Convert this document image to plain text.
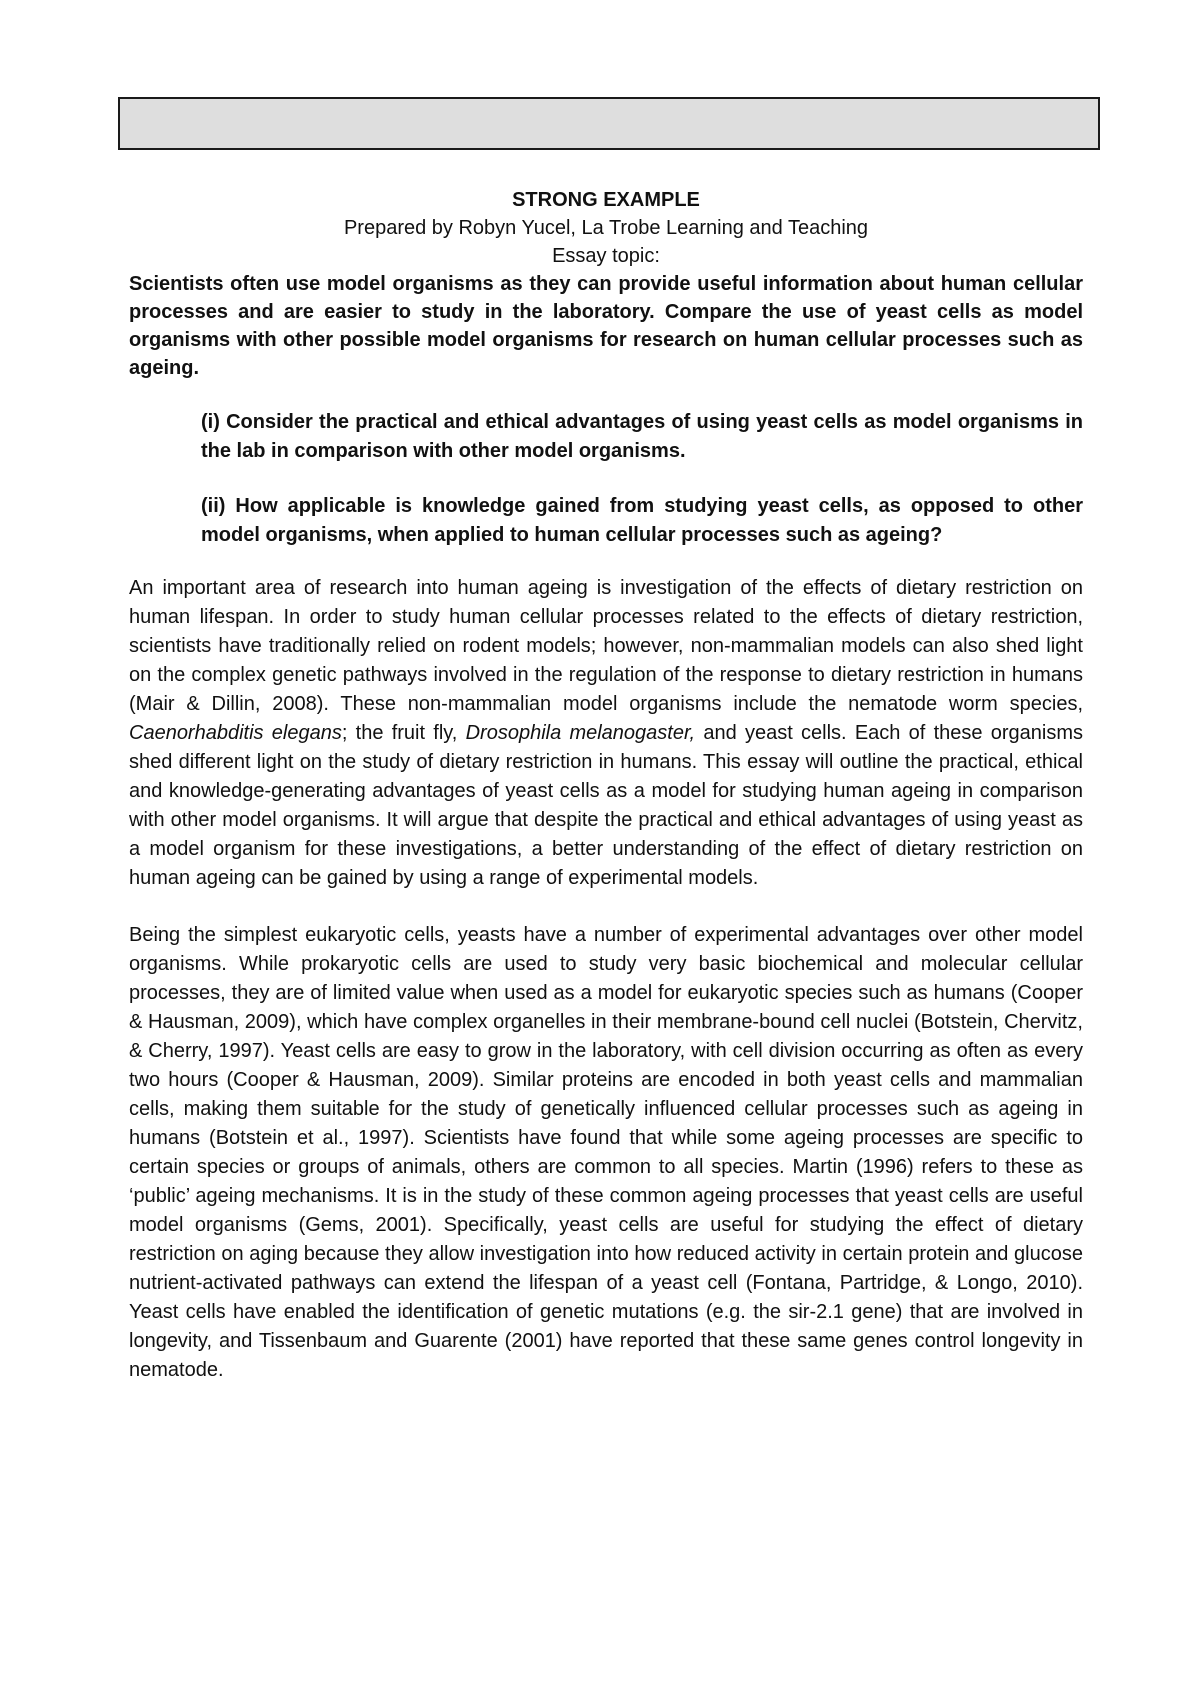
STRONG EXAMPLE

Prepared by Robyn Yucel, La Trobe Learning and Teaching

Essay topic:

Scientists often use model organisms as they can provide useful information about human cellular processes and are easier to study in the laboratory. Compare the use of yeast cells as model organisms with other possible model organisms for research on human cellular processes such as ageing.

(i) Consider the practical and ethical advantages of using yeast cells as model organisms in the lab in comparison with other model organisms.

(ii) How applicable is knowledge gained from studying yeast cells, as opposed to other model organisms, when applied to human cellular processes such as ageing?

An important area of research into human ageing is investigation of the effects of dietary restriction on human lifespan. In order to study human cellular processes related to the effects of dietary restriction, scientists have traditionally relied on rodent models; however, non-mammalian models can also shed light on the complex genetic pathways involved in the regulation of the response to dietary restriction in humans (Mair & Dillin, 2008). These non-mammalian model organisms include the nematode worm species, Caenorhabditis elegans; the fruit fly, Drosophila melanogaster, and yeast cells. Each of these organisms shed different light on the study of dietary restriction in humans. This essay will outline the practical, ethical and knowledge-generating advantages of yeast cells as a model for studying human ageing in comparison with other model organisms. It will argue that despite the practical and ethical advantages of using yeast as a model organism for these investigations, a better understanding of the effect of dietary restriction on human ageing can be gained by using a range of experimental models.

Being the simplest eukaryotic cells, yeasts have a number of experimental advantages over other model organisms. While prokaryotic cells are used to study very basic biochemical and molecular cellular processes, they are of limited value when used as a model for eukaryotic species such as humans (Cooper & Hausman, 2009), which have complex organelles in their membrane-bound cell nuclei (Botstein, Chervitz, & Cherry, 1997). Yeast cells are easy to grow in the laboratory, with cell division occurring as often as every two hours (Cooper & Hausman, 2009). Similar proteins are encoded in both yeast cells and mammalian cells, making them suitable for the study of genetically influenced cellular processes such as ageing in humans (Botstein et al., 1997). Scientists have found that while some ageing processes are specific to certain species or groups of animals, others are common to all species. Martin (1996) refers to these as ‘public’ ageing mechanisms. It is in the study of these common ageing processes that yeast cells are useful model organisms (Gems, 2001). Specifically, yeast cells are useful for studying the effect of dietary restriction on aging because they allow investigation into how reduced activity in certain protein and glucose nutrient-activated pathways can extend the lifespan of a yeast cell (Fontana, Partridge, & Longo, 2010). Yeast cells have enabled the identification of genetic mutations (e.g. the sir-2.1 gene) that are involved in longevity, and Tissenbaum and Guarente (2001) have reported that these same genes control longevity in nematode.
